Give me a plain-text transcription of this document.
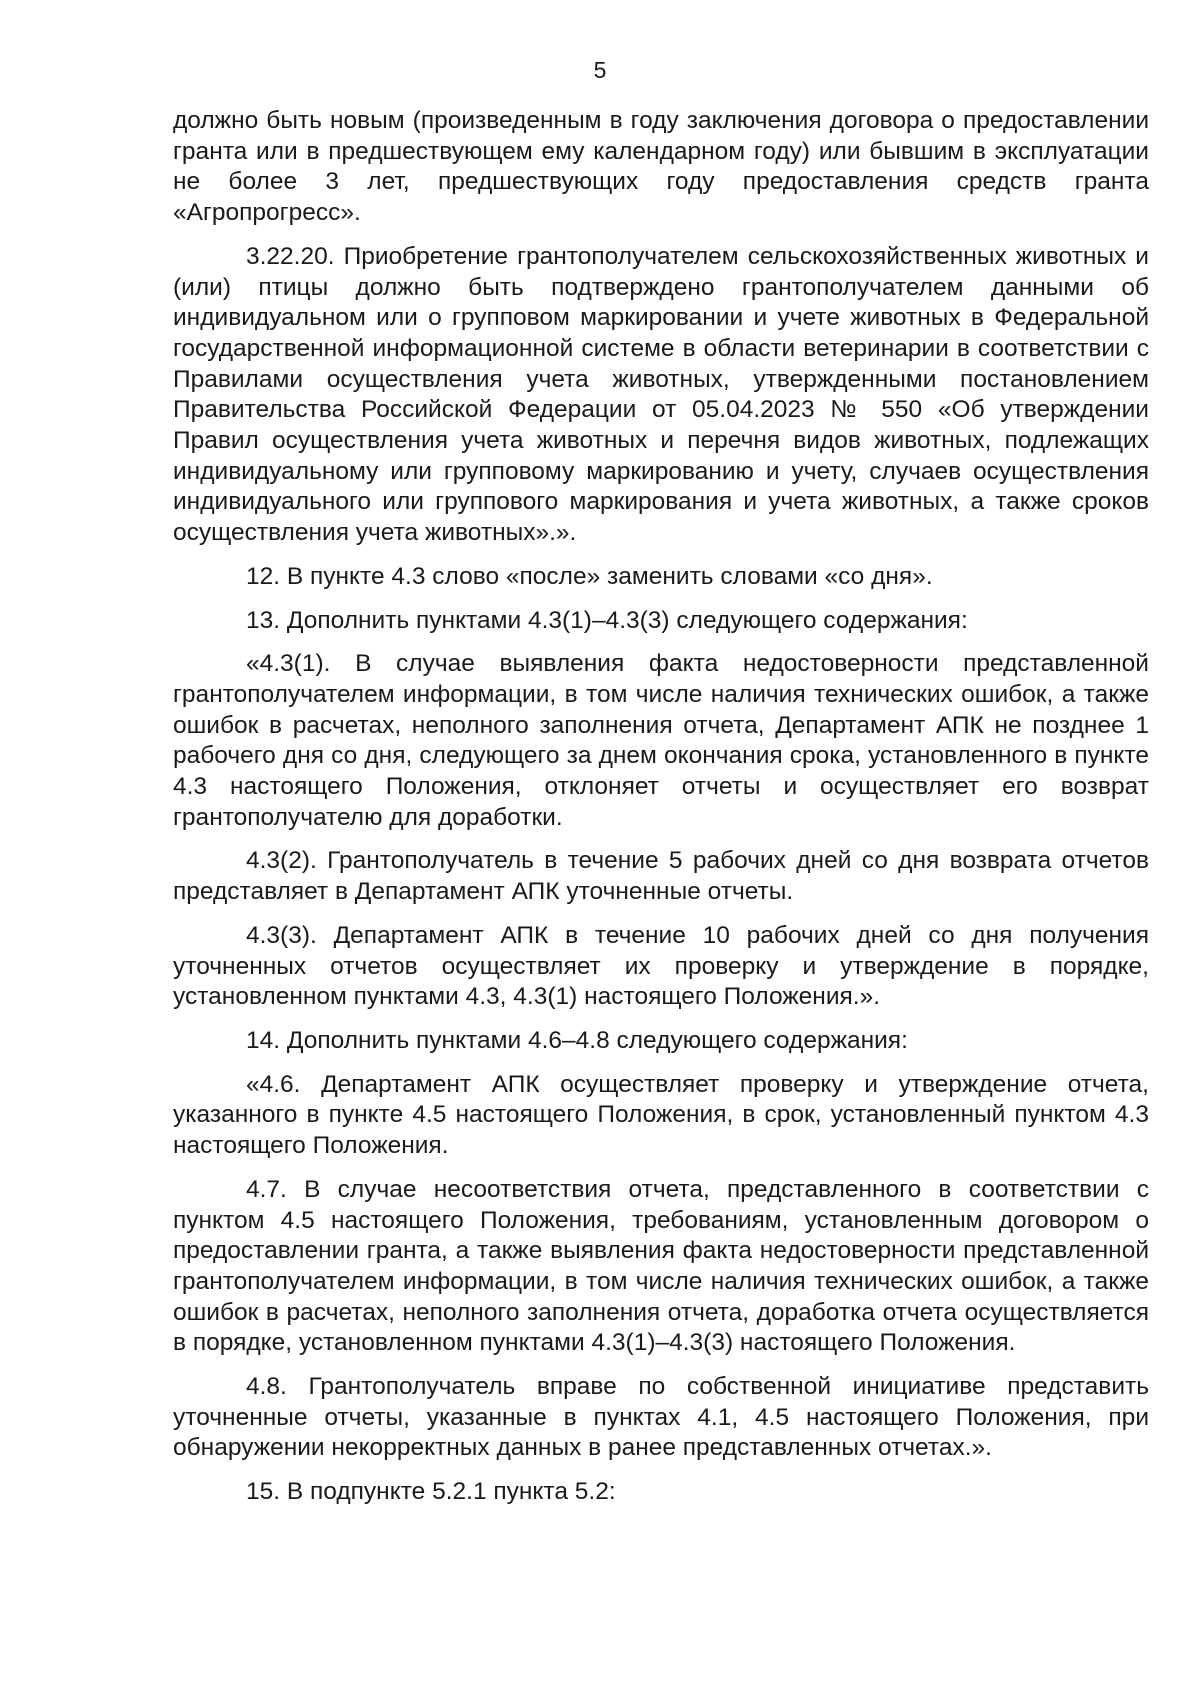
5

должно быть новым (произведенным в году заключения договора о предоставлении гранта или в предшествующем ему календарном году) или бывшим в эксплуатации не более 3 лет, предшествующих году предоставления средств гранта «Агропрогресс».

3.22.20. Приобретение грантополучателем сельскохозяйственных животных и (или) птицы должно быть подтверждено грантополучателем данными об индивидуальном или о групповом маркировании и учете животных в Федеральной государственной информационной системе в области ветеринарии в соответствии с Правилами осуществления учета животных, утвержденными постановлением Правительства Российской Федерации от 05.04.2023 № 550 «Об утверждении Правил осуществления учета животных и перечня видов животных, подлежащих индивидуальному или групповому маркированию и учету, случаев осуществления индивидуального или группового маркирования и учета животных, а также сроков осуществления учета животных».».

12. В пункте 4.3 слово «после» заменить словами «со дня».

13. Дополнить пунктами 4.3(1)–4.3(3) следующего содержания:

«4.3(1). В случае выявления факта недостоверности представленной грантополучателем информации, в том числе наличия технических ошибок, а также ошибок в расчетах, неполного заполнения отчета, Департамент АПК не позднее 1 рабочего дня со дня, следующего за днем окончания срока, установленного в пункте 4.3 настоящего Положения, отклоняет отчеты и осуществляет его возврат грантополучателю для доработки.

4.3(2). Грантополучатель в течение 5 рабочих дней со дня возврата отчетов представляет в Департамент АПК уточненные отчеты.

4.3(3). Департамент АПК в течение 10 рабочих дней со дня получения уточненных отчетов осуществляет их проверку и утверждение в порядке, установленном пунктами 4.3, 4.3(1) настоящего Положения.».

14. Дополнить пунктами 4.6–4.8 следующего содержания:

«4.6. Департамент АПК осуществляет проверку и утверждение отчета, указанного в пункте 4.5 настоящего Положения, в срок, установленный пунктом 4.3 настоящего Положения.

4.7. В случае несоответствия отчета, представленного в соответствии с пунктом 4.5 настоящего Положения, требованиям, установленным договором о предоставлении гранта, а также выявления факта недостоверности представленной грантополучателем информации, в том числе наличия технических ошибок, а также ошибок в расчетах, неполного заполнения отчета, доработка отчета осуществляется в порядке, установленном пунктами 4.3(1)–4.3(3) настоящего Положения.

4.8. Грантополучатель вправе по собственной инициативе представить уточненные отчеты, указанные в пунктах 4.1, 4.5 настоящего Положения, при обнаружении некорректных данных в ранее представленных отчетах.».

15. В подпункте 5.2.1 пункта 5.2:
